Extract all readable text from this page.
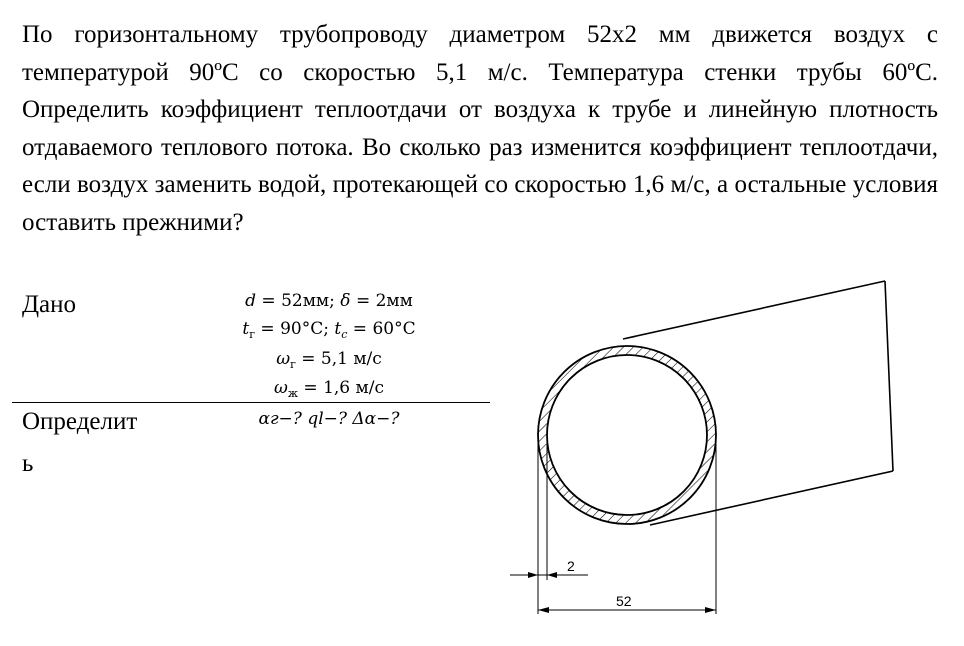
По горизонтальному трубопроводу диаметром 52х2 мм движется воздух с температурой 90ºС со скоростью 5,1 м/с. Температура стенки трубы 60ºС. Определить коэффициент теплоотдачи от воздуха к трубе и линейную плотность отдаваемого теплового потока. Во сколько раз изменится коэффициент теплоотдачи, если воздух заменить водой, протекающей со скоростью 1,6 м/с, а остальные условия оставить прежними?
Дано	d = 52мм; δ = 2мм
$t_г = 90^\circ C$; $t_c = 60^\circ C$
$\omega_г = 5,1$ м/с
$\omega_ж = 1,6$ м/с
Определит
ь
αг−? ql−? Δα−?
2
52
